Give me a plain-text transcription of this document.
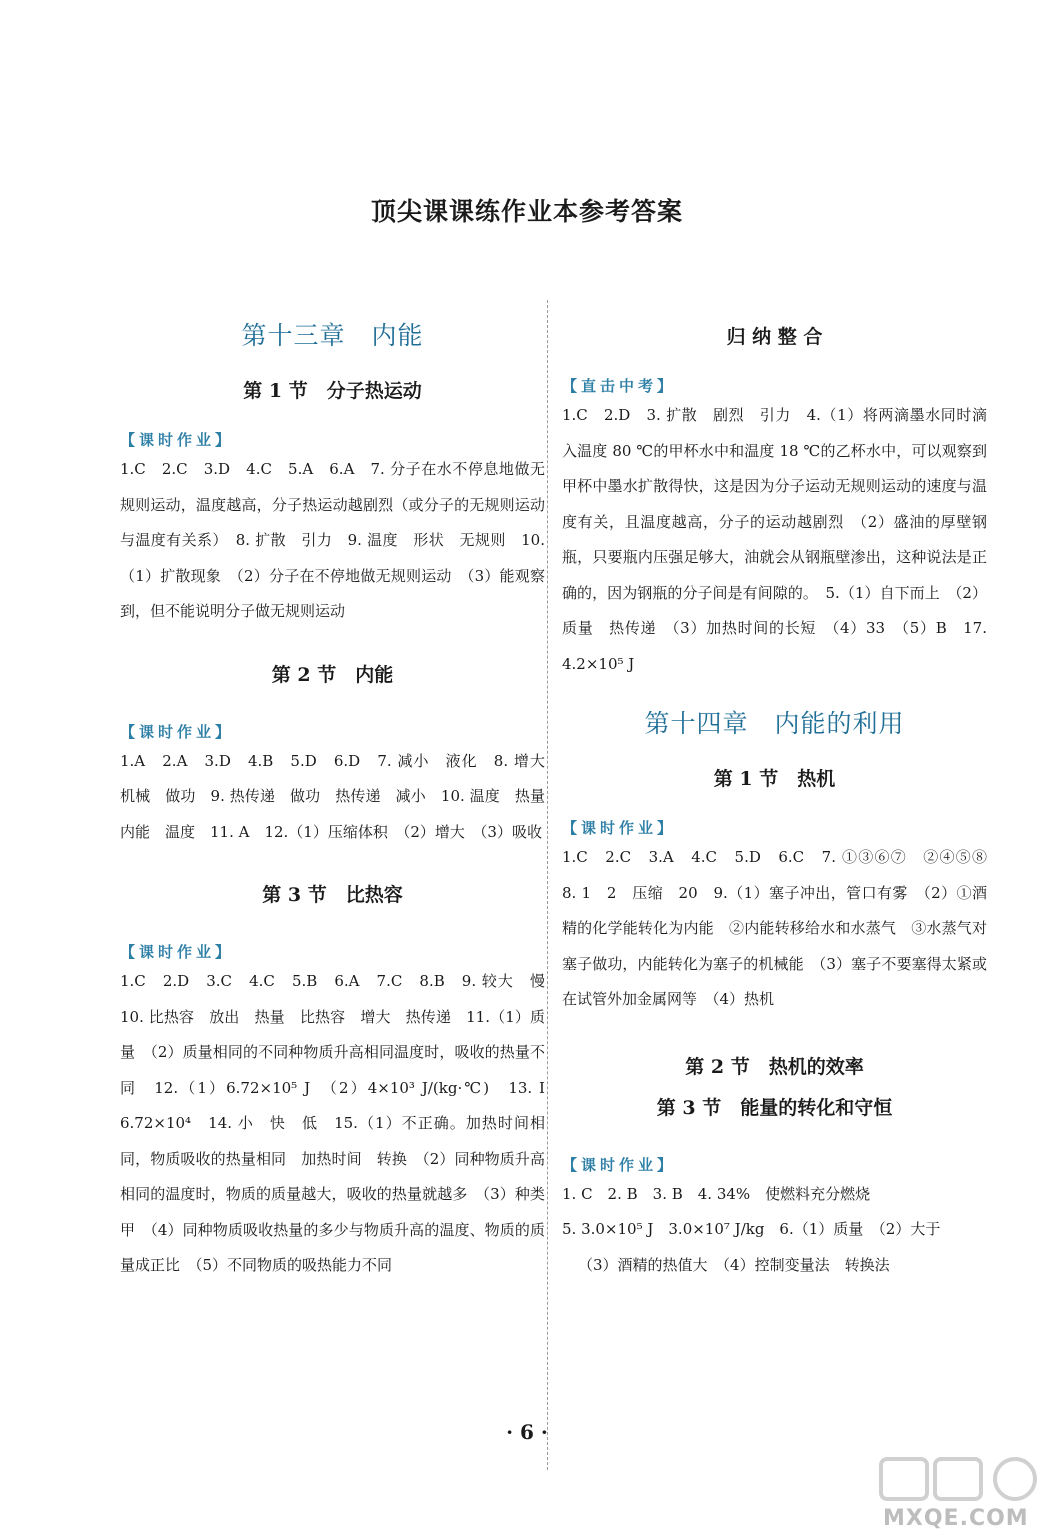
顶尖课课练作业本参考答案
第十三章　内能
第 1 节　分子热运动
【课时作业】

1.C　2.C　3.D　4.C　5.A　6.A　7. 分子在水不停息地做无规则运动，温度越高，分子热运动越剧烈（或分子的无规则运动与温度有关系）　8. 扩散　引力　9. 温度　形状　无规则　10.（1）扩散现象　（2）分子在不停地做无规则运动　（3）能观察到，但不能说明分子做无规则运动

第 2 节　内能
【课时作业】

1.A　2.A　3.D　4.B　5.D　6.D　7. 减小　液化　8. 增大　机械　做功　9. 热传递　做功　热传递　减小　10. 温度　热量　内能　温度　11. A　12.（1）压缩体积　（2）增大　（3）吸收

第 3 节　比热容
【课时作业】

1.C　2.D　3.C　4.C　5.B　6.A　7.C　8.B　9. 较大　慢　10. 比热容　放出　热量　比热容　增大　热传递　11.（1）质量　（2）质量相同的不同种物质升高相同温度时，吸收的热量不同　12.（1）6.72×10⁵ J　（2）4×10³ J/(kg·℃)　13. Ⅰ　6.72×10⁴　14. 小　快　低　15.（1）不正确。加热时间相同，物质吸收的热量相同　加热时间　转换　（2）同种物质升高相同的温度时，物质的质量越大，吸收的热量就越多　（3）种类　甲　（4）同种物质吸收热量的多少与物质升高的温度、物质的质量成正比　（5）不同物质的吸热能力不同

归 纳 整 合
【直击中考】

1.C　2.D　3. 扩散　剧烈　引力　4.（1）将两滴墨水同时滴入温度 80 ℃的甲杯水中和温度 18 ℃的乙杯水中，可以观察到甲杯中墨水扩散得快，这是因为分子运动无规则运动的速度与温度有关，且温度越高，分子的运动越剧烈　（2）盛油的厚壁钢瓶，只要瓶内压强足够大，油就会从钢瓶壁渗出，这种说法是正确的，因为钢瓶的分子间是有间隙的。　5.（1）自下而上　（2）质量　热传递　（3）加热时间的长短　（4）33　（5）B　17. 4.2×10⁵ J

第十四章　内能的利用
第 1 节　热机
【课时作业】

1.C　2.C　3.A　4.C　5.D　6.C　7. ①③⑥⑦　②④⑤⑧　8. 1　2　压缩　20　9.（1）塞子冲出，管口有雾　（2）①酒精的化学能转化为内能　②内能转移给水和水蒸气　③水蒸气对塞子做功，内能转化为塞子的机械能　（3）塞子不要塞得太紧或在试管外加金属网等　（4）热机

第 2 节　热机的效率
第 3 节　能量的转化和守恒
【课时作业】
1. C　2. B　3. B　4. 34%　使燃料充分燃烧
5. 3.0×10⁵ J　3.0×10⁷ J/kg　6.（1）质量　（2）大于
（3）酒精的热值大　（4）控制变量法　转换法
· 6 ·
MXQE.COM
